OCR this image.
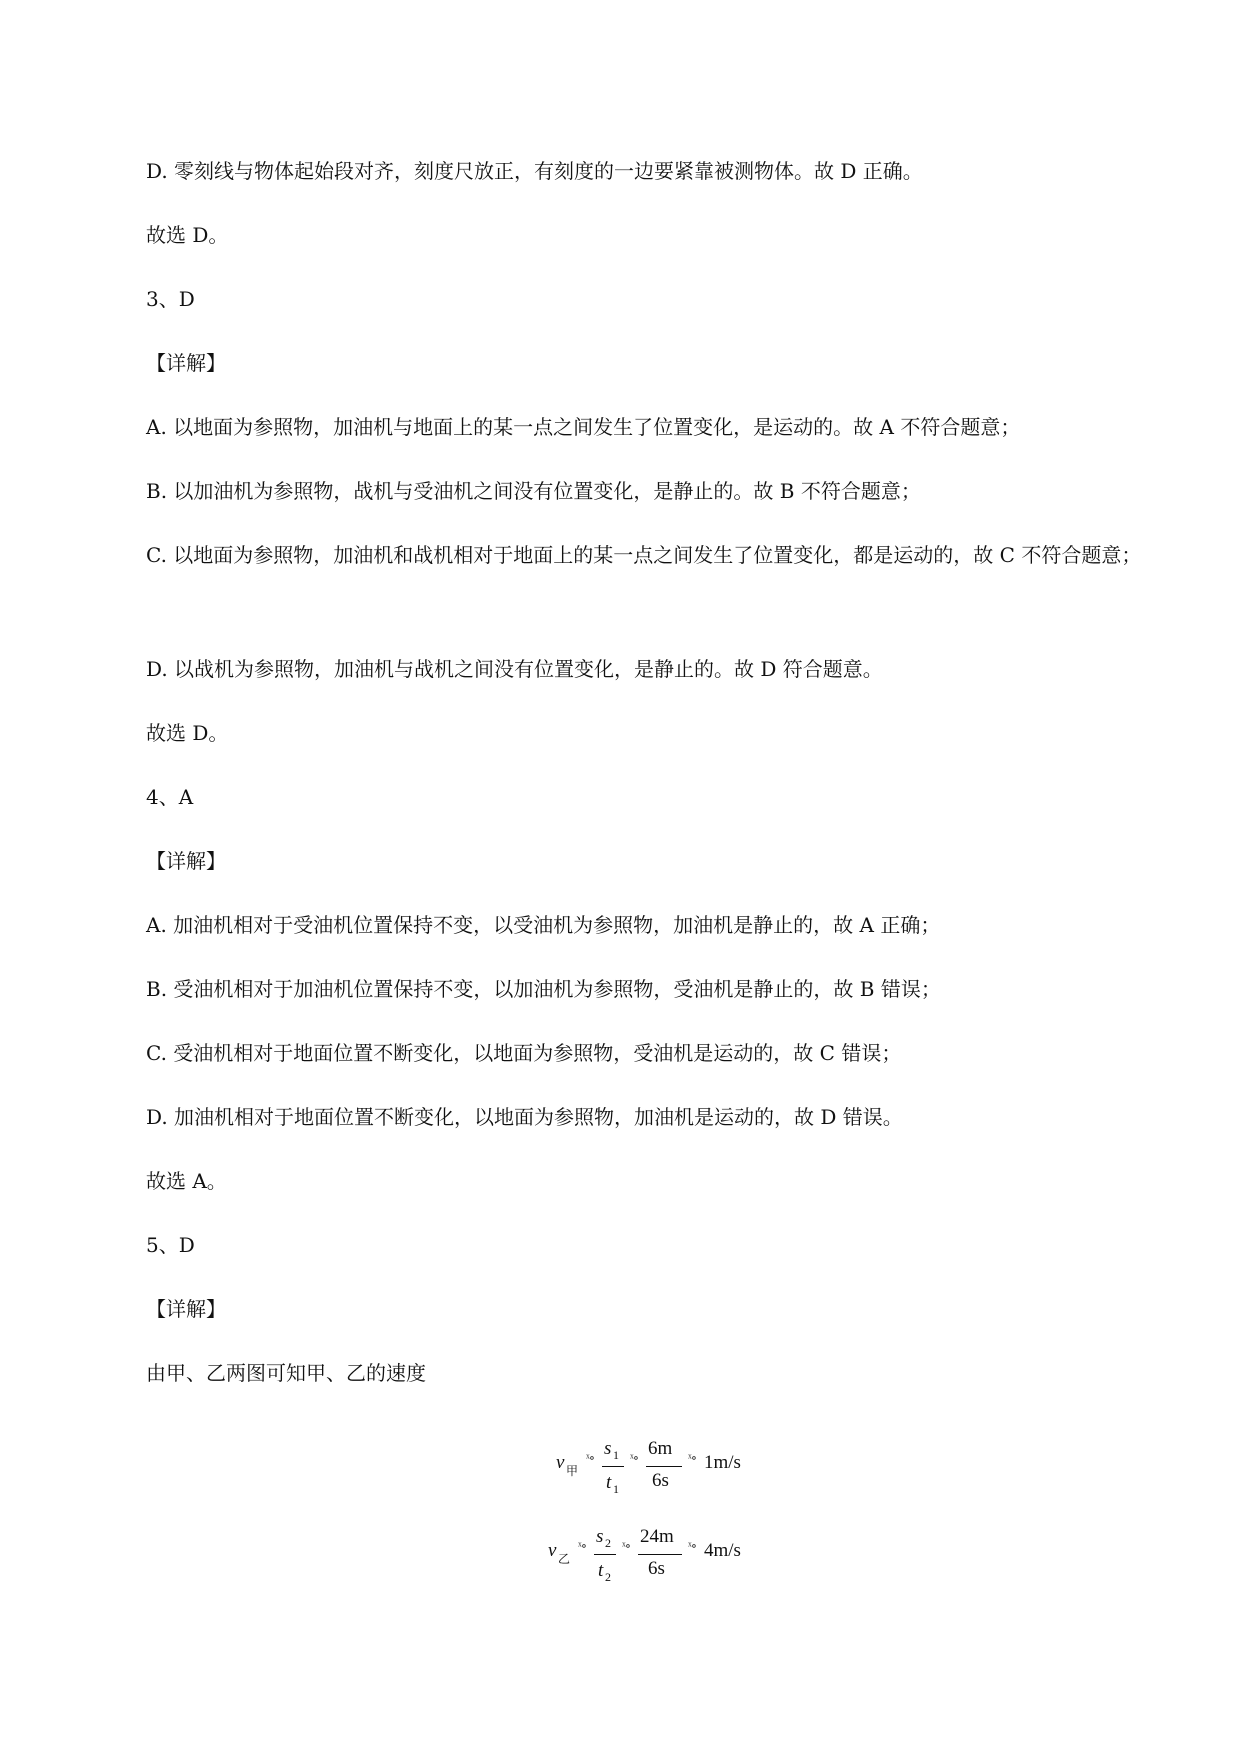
D. 零刻线与物体起始段对齐，刻度尺放正，有刻度的一边要紧靠被测物体。故 D 正确。
故选 D。
3、D
【详解】
A. 以地面为参照物，加油机与地面上的某一点之间发生了位置变化，是运动的。故 A 不符合题意；
B. 以加油机为参照物，战机与受油机之间没有位置变化，是静止的。故 B 不符合题意；
C. 以地面为参照物，加油机和战机相对于地面上的某一点之间发生了位置变化，都是运动的，故 C 不符合题意；
D. 以战机为参照物，加油机与战机之间没有位置变化，是静止的。故 D 符合题意。
故选 D。
4、A
【详解】
A. 加油机相对于受油机位置保持不变，以受油机为参照物，加油机是静止的，故 A 正确；
B. 受油机相对于加油机位置保持不变，以加油机为参照物，受油机是静止的，故 B 错误；
C. 受油机相对于地面位置不断变化，以地面为参照物，受油机是运动的，故 C 错误；
D. 加油机相对于地面位置不断变化，以地面为参照物，加油机是运动的，故 D 错误。
故选 A。
5、D
【详解】
由甲、乙两图可知甲、乙的速度
v 甲
ˣ∘ s 1
t 1
ˣ∘ 6m
6s
ˣ∘ 1m/s
v 乙
ˣ∘ s 2
t 2
ˣ∘ 24m
6s
ˣ∘ 4m/s
